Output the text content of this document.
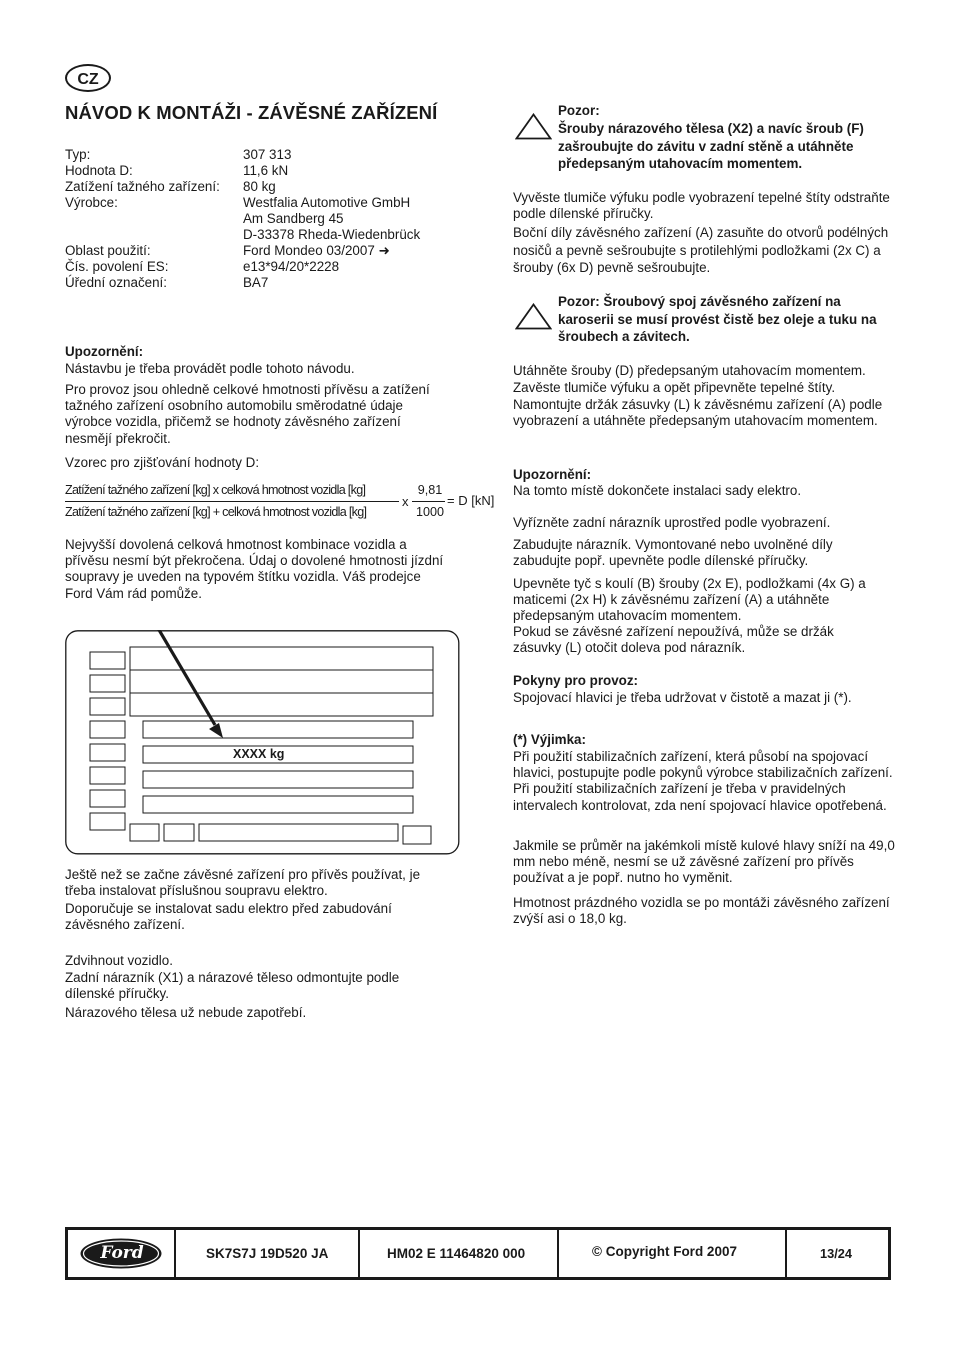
CZ
NÁVOD K MONTÁŽI - ZÁVĚSNÉ ZAŘÍZENÍ
Typ:	307 313
Hodnota D:	11,6 kN
Zatížení tažného zařízení: 80 kg
Výrobce:	Westfalia Automotive GmbH
Am Sandberg 45
D-33378 Rheda-Wiedenbrück
Oblast použití:	Ford Mondeo 03/2007 ➜
Čís. povolení ES:	e13*94/20*2228
Úřední označení:	BA7
Upozornění:
Nástavbu je třeba provádět podle tohoto návodu.
Pro provoz jsou ohledně celkové hmotnosti přívěsu a zatížení tažného zařízení osobního automobilu směrodatné údaje výrobce vozidla, přičemž se hodnoty závěsného zařízení nesmějí překročit.
Vzorec pro zjišťování hodnoty D:
Zatížení tažného zařízení [kg] x celková hmotnost vozidla [kg]
Zatížení tažného zařízení [kg] + celková hmotnost vozidla [kg]
x
9,81
1000
= D [kN]
Nejvyšší dovolená celková hmotnost kombinace vozidla a přívěsu nesmí být překročena. Údaj o dovolené hmotnosti jízdní soupravy je uveden na typovém štítku vozidla. Váš prodejce Ford Vám rád pomůže.
XXXX kg
Ještě než se začne závěsné zařízení pro přívěs používat, je třeba instalovat příslušnou soupravu elektro.
Doporučuje se instalovat sadu elektro před zabudování závěsného zařízení.
Zdvihnout vozidlo.
Zadní nárazník (X1) a nárazové těleso odmontujte podle dílenské příručky.
Nárazového tělesa už nebude zapotřebí.
Pozor:
Šrouby nárazového tělesa (X2) a navíc šroub (F) zašroubujte do závitu v zadní stěně a utáhněte předepsaným utahovacím momentem.
Vyvěste tlumiče výfuku podle vyobrazení tepelné štíty odstraňte podle dílenské příručky.
Boční díly závěsného zařízení (A) zasuňte do otvorů podélných nosičů a pevně sešroubujte s protilehlými podložkami (2x C) a šrouby (6x D) pevně sešroubujte.
Pozor: Šroubový spoj závěsného zařízení na karoserii se musí provést čistě bez oleje a tuku na šroubech a závitech.
Utáhněte šrouby (D) předepsaným utahovacím momentem. Zavěste tlumiče výfuku a opět připevněte tepelné štíty. Namontujte držák zásuvky (L) k závěsnému zařízení (A) podle vyobrazení a utáhněte předepsaným utahovacím momentem.
Upozornění:
Na tomto místě dokončete instalaci sady elektro.
Vyřízněte zadní nárazník uprostřed podle vyobrazení.
Zabudujte nárazník. Vymontované nebo uvolněné díly zabudujte popř. upevněte podle dílenské příručky.
Upevněte tyč s koulí (B) šrouby (2x E), podložkami (4x G) a maticemi (2x H) k závěsnému zařízení (A) a utáhněte předepsaným utahovacím momentem.
Pokud se závěsné zařízení nepoužívá, může se držák zásuvky (L) otočit doleva pod nárazník.
Pokyny pro provoz:
Spojovací hlavici je třeba udržovat v čistotě a mazat ji (*).
(*) Výjimka:
Při použití stabilizačních zařízení, která působí na spojovací hlavici, postupujte podle pokynů výrobce stabilizačních zařízení. Při použití stabilizačních zařízení je třeba v pravidelných intervalech kontrolovat, zda není spojovací hlavice opotřebená.
Jakmile se průměr na jakémkoli místě kulové hlavy sníží na 49,0 mm nebo méně, nesmí se už závěsné zařízení pro přívěs používat a je popř. nutno ho vyměnit.
Hmotnost prázdného vozidla se po montáži závěsného zařízení zvýší asi o 18,0 kg.
Ford	SK7S7J 19D520 JA	HM02 E 11464820 000	© Copyright Ford 2007	13/24
